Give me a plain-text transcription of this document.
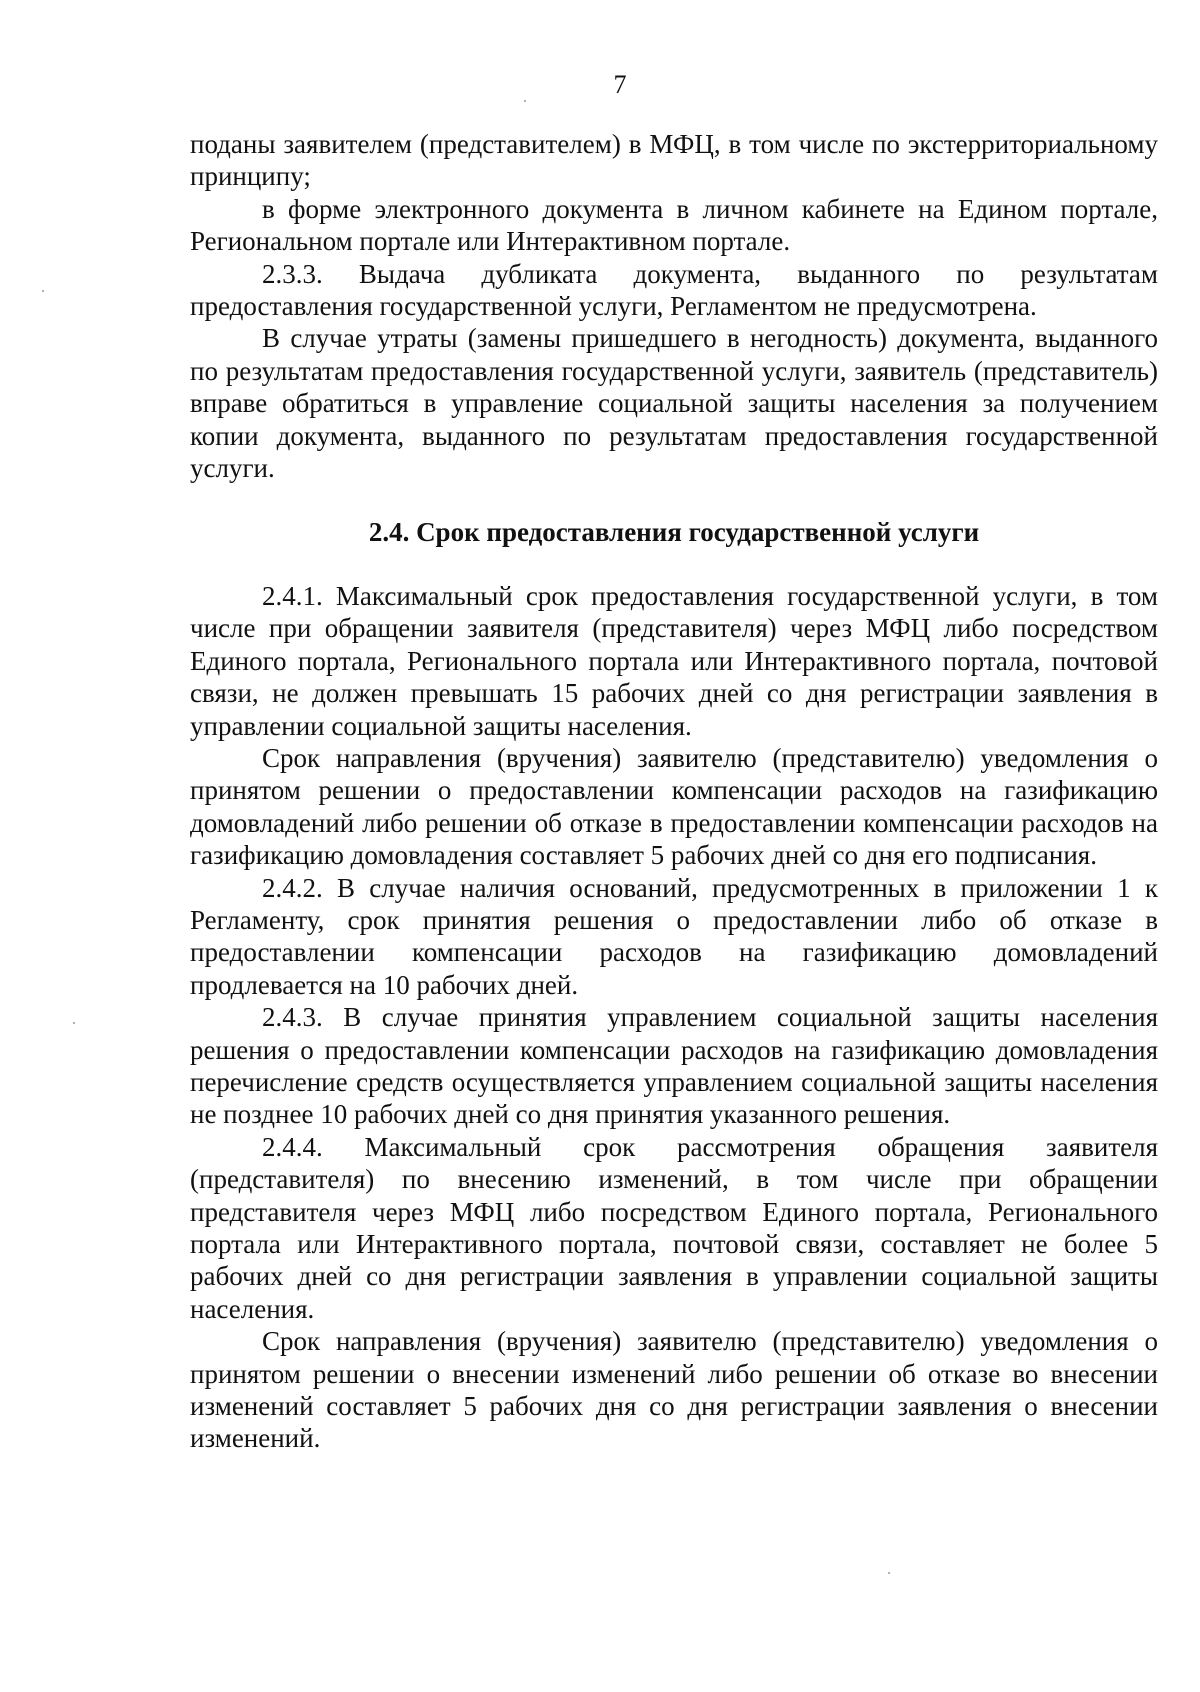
7

поданы заявителем (представителем) в МФЦ, в том числе по экстерриториальному принципу;

в форме электронного документа в личном кабинете на Едином портале, Региональном портале или Интерактивном портале.

2.3.3. Выдача дубликата документа, выданного по результатам предоставления государственной услуги, Регламентом не предусмотрена.

В случае утраты (замены пришедшего в негодность) документа, выданного по результатам предоставления государственной услуги, заявитель (представитель) вправе обратиться в управление социальной защиты населения за получением копии документа, выданного по результатам предоставления государственной услуги.

2.4. Срок предоставления государственной услуги

2.4.1. Максимальный срок предоставления государственной услуги, в том числе при обращении заявителя (представителя) через МФЦ либо посредством Единого портала, Регионального портала или Интерактивного портала, почтовой связи, не должен превышать 15 рабочих дней со дня регистрации заявления в управлении социальной защиты населения.

Срок направления (вручения) заявителю (представителю) уведомления о принятом решении о предоставлении компенсации расходов на газификацию домовладений либо решении об отказе в предоставлении компенсации расходов на газификацию домовладения составляет 5 рабочих дней со дня его подписания.

2.4.2. В случае наличия оснований, предусмотренных в приложении 1 к Регламенту, срок принятия решения о предоставлении либо об отказе в предоставлении компенсации расходов на газификацию домовладений продлевается на 10 рабочих дней.

2.4.3. В случае принятия управлением социальной защиты населения решения о предоставлении компенсации расходов на газификацию домовладения перечисление средств осуществляется управлением социальной защиты населения не позднее 10 рабочих дней со дня принятия указанного решения.

2.4.4. Максимальный срок рассмотрения обращения заявителя (представителя) по внесению изменений, в том числе при обращении представителя через МФЦ либо посредством Единого портала, Регионального портала или Интерактивного портала, почтовой связи, составляет не более 5 рабочих дней со дня регистрации заявления в управлении социальной защиты населения.

Срок направления (вручения) заявителю (представителю) уведомления о принятом решении о внесении изменений либо решении об отказе во внесении изменений составляет 5 рабочих дня со дня регистрации заявления о внесении изменений.
